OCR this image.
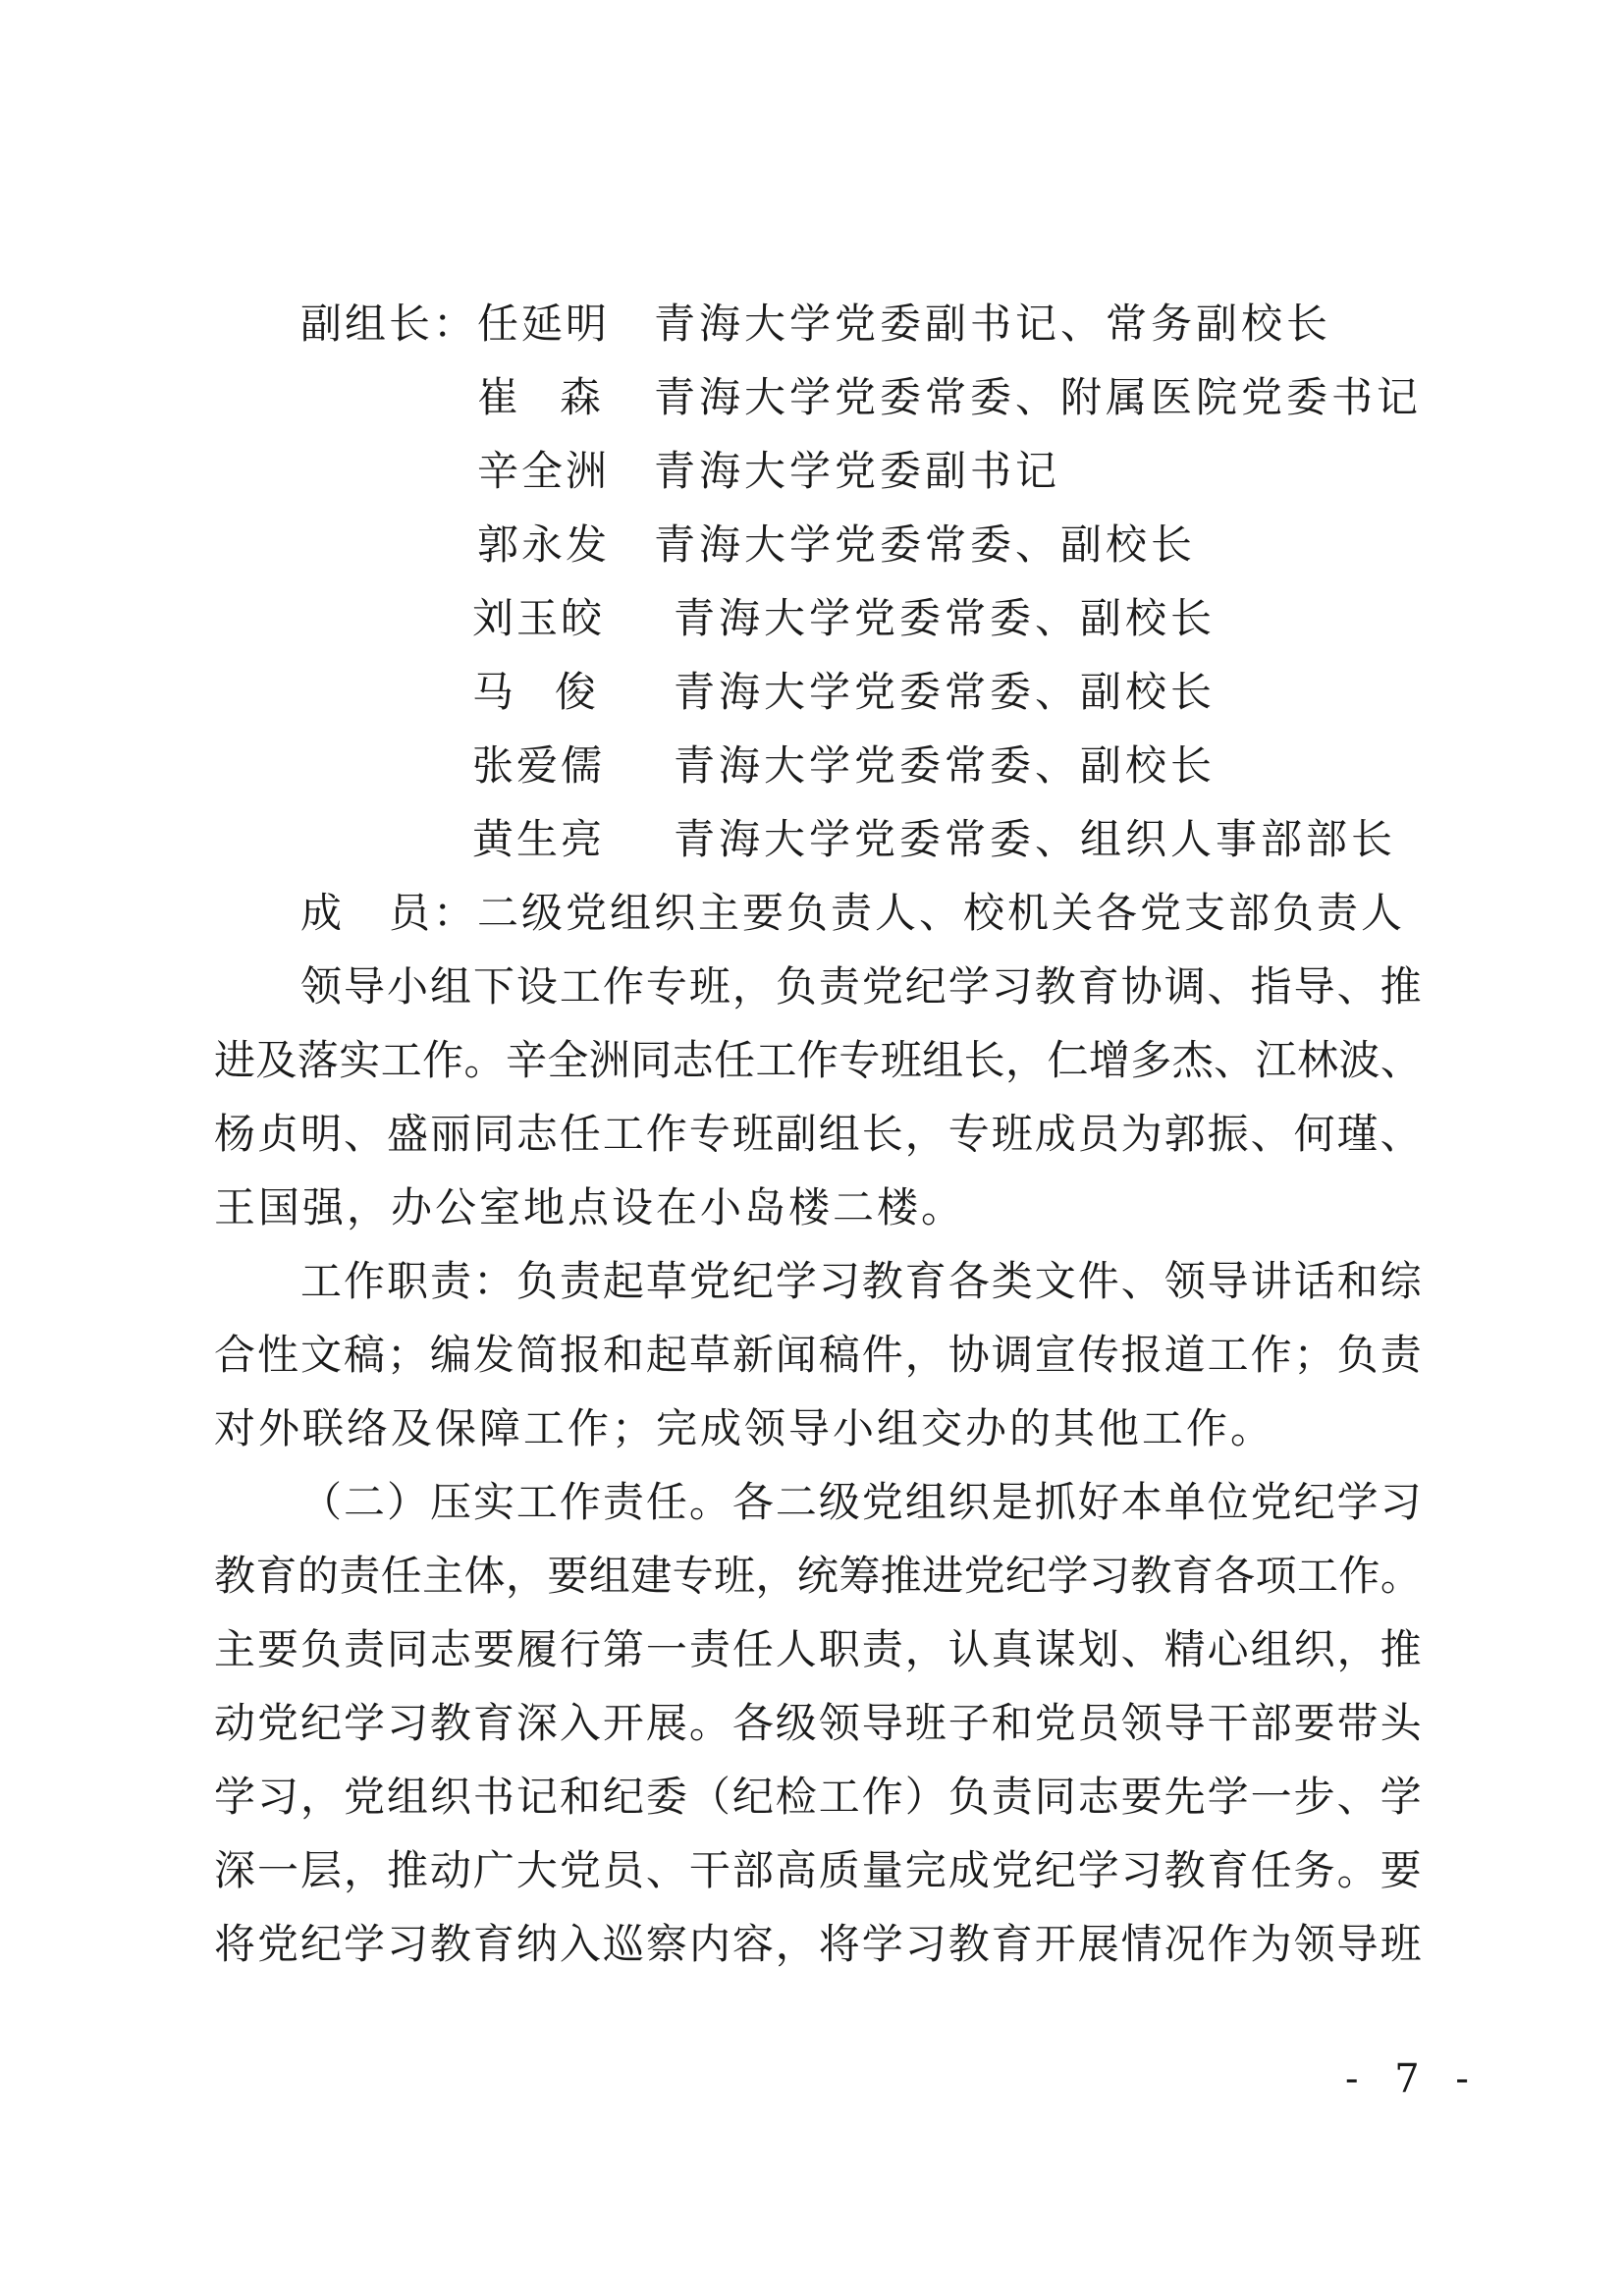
副组长： 任延明 青海大学党委副书记、常务副校长
崔 森 青海大学党委常委、附属医院党委书记
辛全洲 青海大学党委副书记
郭永发 青海大学党委常委、副校长
刘玉皎 青海大学党委常委、副校长
马 俊 青海大学党委常委、副校长
张爱儒 青海大学党委常委、副校长
黄生亮 青海大学党委常委、组织人事部部长
成　员：二级党组织主要负责人、校机关各党支部负责人
领 导 小 组 下 设 工 作 专 班 ， 负 责 党 纪 学 习 教 育 协 调 、 指 导 、 推
进 及 落 实 工 作 。 辛 全 洲 同 志 任 工 作 专 班 组 长 ， 仁 增 多 杰 、 江 林 波 、
杨 贞 明 、 盛 丽 同 志 任 工 作 专 班 副 组 长 ， 专 班 成 员 为 郭 振 、 何 瑾 、
王国强，办公室地点设在小岛楼二楼。
工 作 职 责 ： 负 责 起 草 党 纪 学 习 教 育 各 类 文 件 、 领 导 讲 话 和 综
合 性 文 稿 ； 编 发 简 报 和 起 草 新 闻 稿 件 ， 协 调 宣 传 报 道 工 作 ； 负 责
对外联络及保障工作；完成领导小组交办的其他工作。
（ 二 ） 压 实 工 作 责 任 。 各 二 级 党 组 织 是 抓 好 本 单 位 党 纪 学 习
教 育 的 责 任 主 体 ， 要 组 建 专 班 ， 统 筹 推 进 党 纪 学 习 教 育 各 项 工 作 。
主 要 负 责 同 志 要 履 行 第 一 责 任 人 职 责 ， 认 真 谋 划 、 精 心 组 织 ， 推
动 党 纪 学 习 教 育 深 入 开 展 。 各 级 领 导 班 子 和 党 员 领 导 干 部 要 带 头
学 习 ， 党 组 织 书 记 和 纪 委 （ 纪 检 工 作 ） 负 责 同 志 要 先 学 一 步 、 学
深 一 层 ， 推 动 广 大 党 员 、 干 部 高 质 量 完 成 党 纪 学 习 教 育 任 务 。 要
将 党 纪 学 习 教 育 纳 入 巡 察 内 容 ， 将 学 习 教 育 开 展 情 况 作 为 领 导 班
- 7 -
